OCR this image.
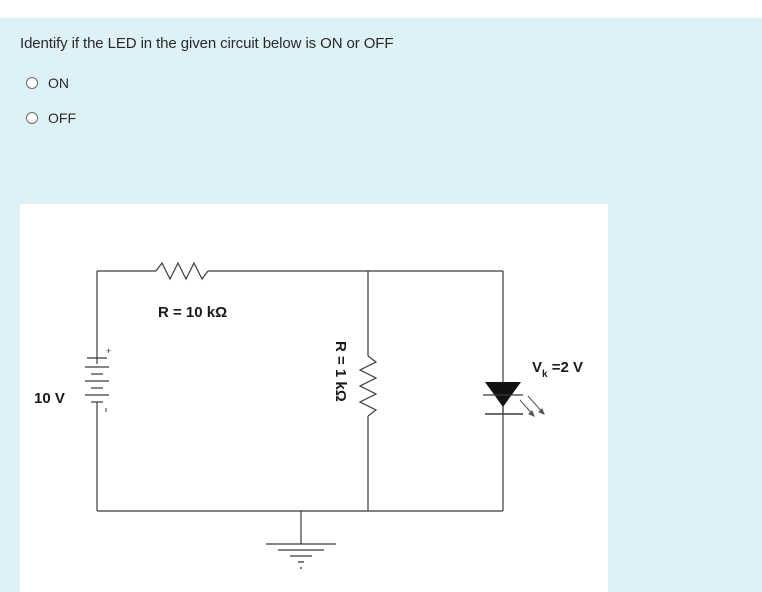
Identify if the LED in the given circuit below is ON or OFF
ON
OFF
+
R = 10 kΩ
10 V	R = 1 kΩ	$V_k =2$ V
